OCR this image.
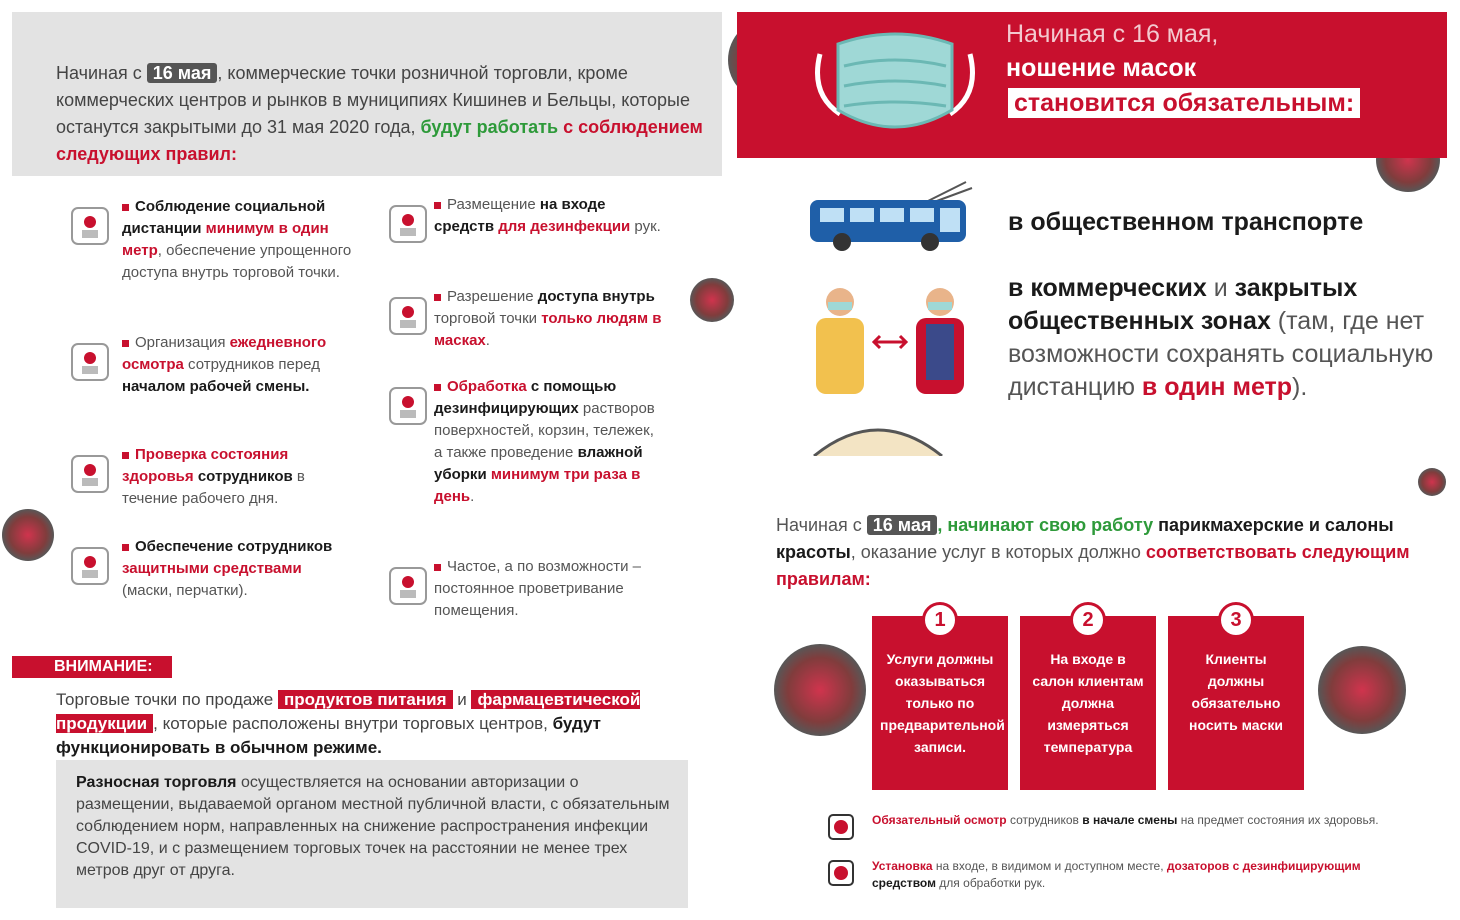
Начиная с 16 мая , коммерческие точки розничной торговли, кроме коммерческих центров и рынков в муниципиях Кишинев и Бельцы, которые останутся закрытыми до 31 мая 2020 года, будут работать с соблюдением следующих правил:
Соблюдение социальной дистанции минимум в один метр, обеспечение упрощенного доступа внутрь торговой точки.
Организация ежедневного осмотра сотрудников перед началом рабочей смены.
Проверка состояния здоровья сотрудников в течение рабочего дня.
Обеспечение сотрудников защитными средствами (маски, перчатки).
Размещение на входе средств для дезинфекции рук.
Разрешение доступа внутрь торговой точки только людям в масках.
Обработка с помощью дезинфицирующих растворов поверхностей, корзин, тележек, а также проведение влажной уборки минимум три раза в день.
Частое, а по возможности – постоянное проветривание помещения.
ВНИМАНИЕ:
Торговые точки по продаже продуктов питания и фармацевтической продукции , которые расположены внутри торговых центров, будут функционировать в обычном режиме.
Разносная торговля осуществляется на основании авторизации о размещении, выдаваемой органом местной публичной власти, с обязательным соблюдением норм, направленных на снижение распространения инфекции COVID-19, и с размещением торговых точек на расстоянии не менее трех метров друг от друга.
Начиная с 16 мая,
ношение масок
становится обязательным:
в общественном транспорте
в коммерческих и закрытых общественных зонах (там, где нет возможности сохранять социальную дистанцию в один метр).
Начиная с 16 мая , начинают свою работу парикмахерские и салоны красоты, оказание услуг в которых должно соответствовать следующим правилам:
1
Услуги должны оказываться только по предварительной записи.
2
На входе в салон клиентам должна измеряться температура
3
Клиенты должны обязательно носить маски
Обязательный осмотр сотрудников в начале смены на предмет состояния их здоровья.
Установка на входе, в видимом и доступном месте, дозаторов с дезинфицирующим средством для обработки рук.
